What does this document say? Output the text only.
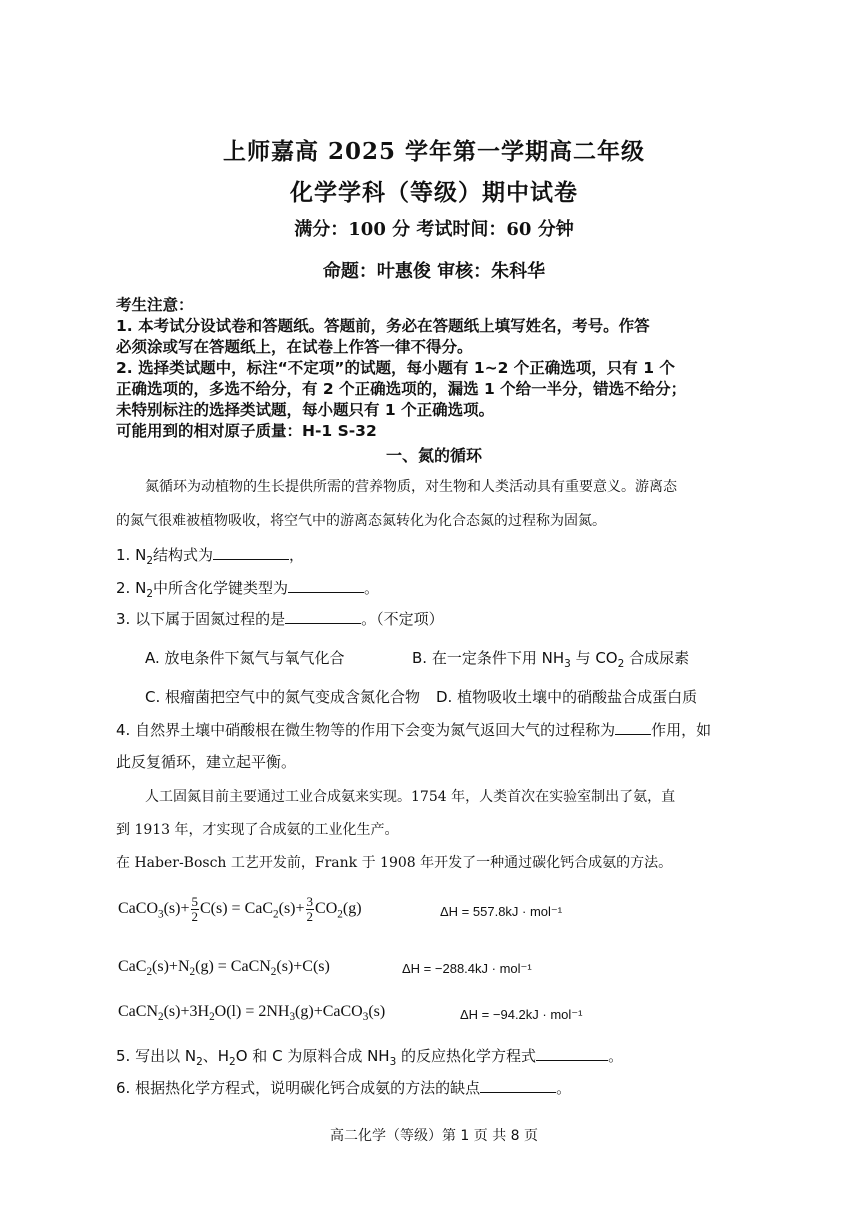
上师嘉高 2025 学年第一学期高二年级
化学学科（等级）期中试卷
满分：100 分 考试时间：60 分钟
命题：叶惠俊 审核：朱科华
考生注意：
1. 本考试分设试卷和答题纸。答题前，务必在答题纸上填写姓名，考号。作答
必须涂或写在答题纸上，在试卷上作答一律不得分。
2. 选择类试题中，标注“不定项”的试题，每小题有 1~2 个正确选项，只有 1 个
正确选项的，多选不给分，有 2 个正确选项的，漏选 1 个给一半分，错选不给分；
未特别标注的选择类试题，每小题只有 1 个正确选项。
可能用到的相对原子质量：H-1 S-32
一、氮的循环
氮循环为动植物的生长提供所需的营养物质，对生物和人类活动具有重要意义。游离态
的氮气很难被植物吸收，将空气中的游离态氮转化为化合态氮的过程称为固氮。
1. $N_2$结构式为	，
2. $N_2$中所含化学键类型为	。
3. 以下属于固氮过程的是	。（不定项）
A. 放电条件下氮气与氧气化合	B. 在一定条件下用 $NH_3$ 与 $CO_2$ 合成尿素
C. 根瘤菌把空气中的氮气变成含氮化合物 D. 植物吸收土壤中的硝酸盐合成蛋白质
4. 自然界土壤中硝酸根在微生物等的作用下会变为氮气返回大气的过程称为 作用，如
此反复循环，建立起平衡。
人工固氮目前主要通过工业合成氨来实现。1754 年，人类首次在实验室制出了氨，直
到 1913 年，才实现了合成氨的工业化生产。
在 Haber-Bosch 工艺开发前，Frank 于 1908 年开发了一种通过碳化钙合成氨的方法。
CaCO$_3$(s)+ $\frac{5}{2} C(s) = CaC_2(s)+ \frac{3}{2} CO_2(g)$	ΔH = 557.8kJ · mol⁻¹
$CaC_2(s)+N_2(g)$ = CaCN$_2$(s)+C(s)	ΔH = −288.4kJ · mol⁻¹
$CaCN_2(s)+3H_2O(l)$ = $2NH_3(g)+CaCO_3(s)$	ΔH = −94.2kJ · mol⁻¹
5. 写出以 $N_2$、$H_2O$ 和 C 为原料合成 $NH_3$ 的反应热化学方程式	。
6. 根据热化学方程式，说明碳化钙合成氨的方法的缺点	。
高二化学（等级）第 1 页 共 8 页
